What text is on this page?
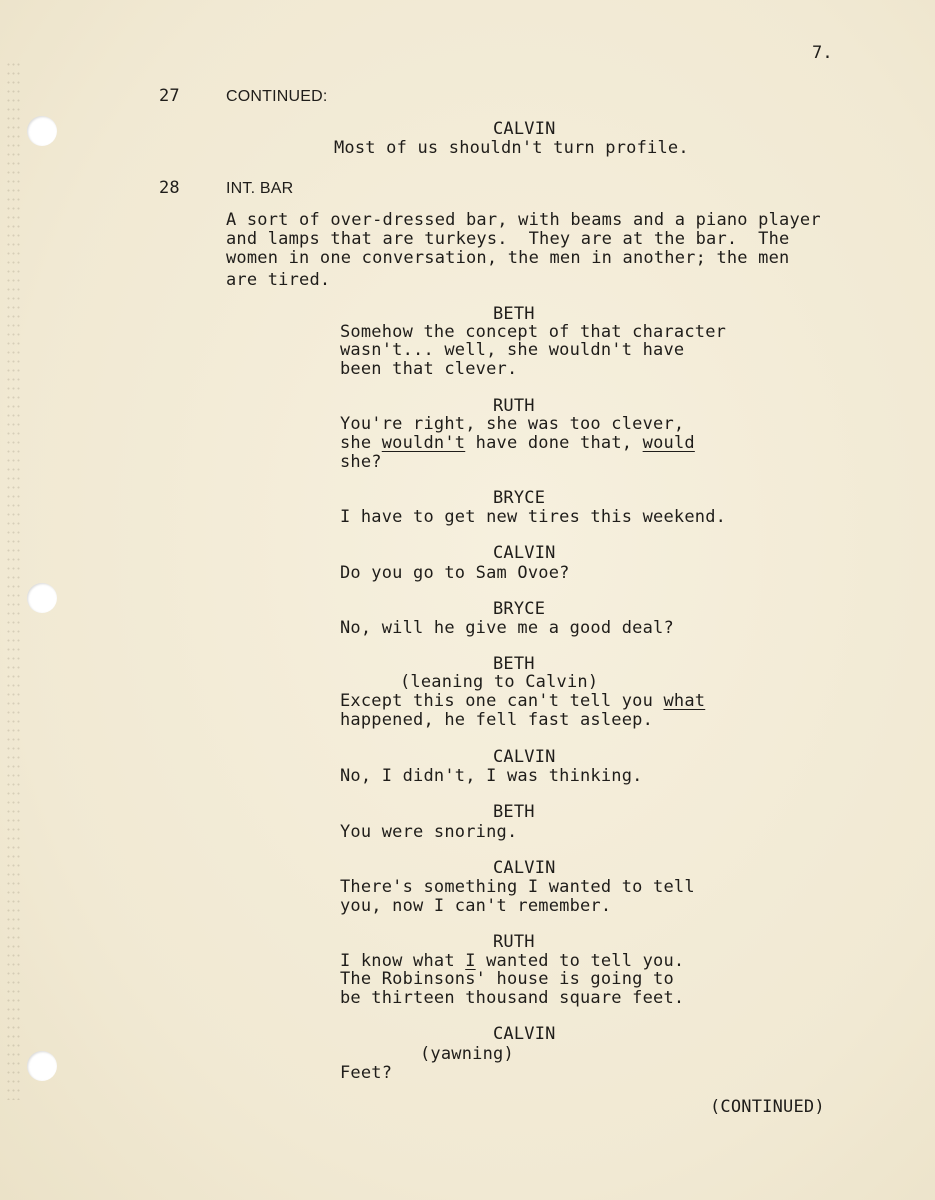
7.
27	CONTINUED:
CALVIN
Most of us shouldn't turn profile.
28	INT. BAR
A sort of over-dressed bar, with beams and a piano player
and lamps that are turkeys.  They are at the bar.  The
women in one conversation, the men in another; the men
are tired.
BETH
Somehow the concept of that character
wasn't... well, she wouldn't have
been that clever.
RUTH
You're right, she was too clever,
she wouldn't have done that, would
she?
BRYCE
I have to get new tires this weekend.
CALVIN
Do you go to Sam Ovoe?
BRYCE
No, will he give me a good deal?
BETH
(leaning to Calvin)
Except this one can't tell you what
happened, he fell fast asleep.
CALVIN
No, I didn't, I was thinking.
BETH
You were snoring.
CALVIN
There's something I wanted to tell
you, now I can't remember.
RUTH
I know what I wanted to tell you.
The Robinsons' house is going to
be thirteen thousand square feet.
CALVIN
(yawning)
Feet?
(CONTINUED)
